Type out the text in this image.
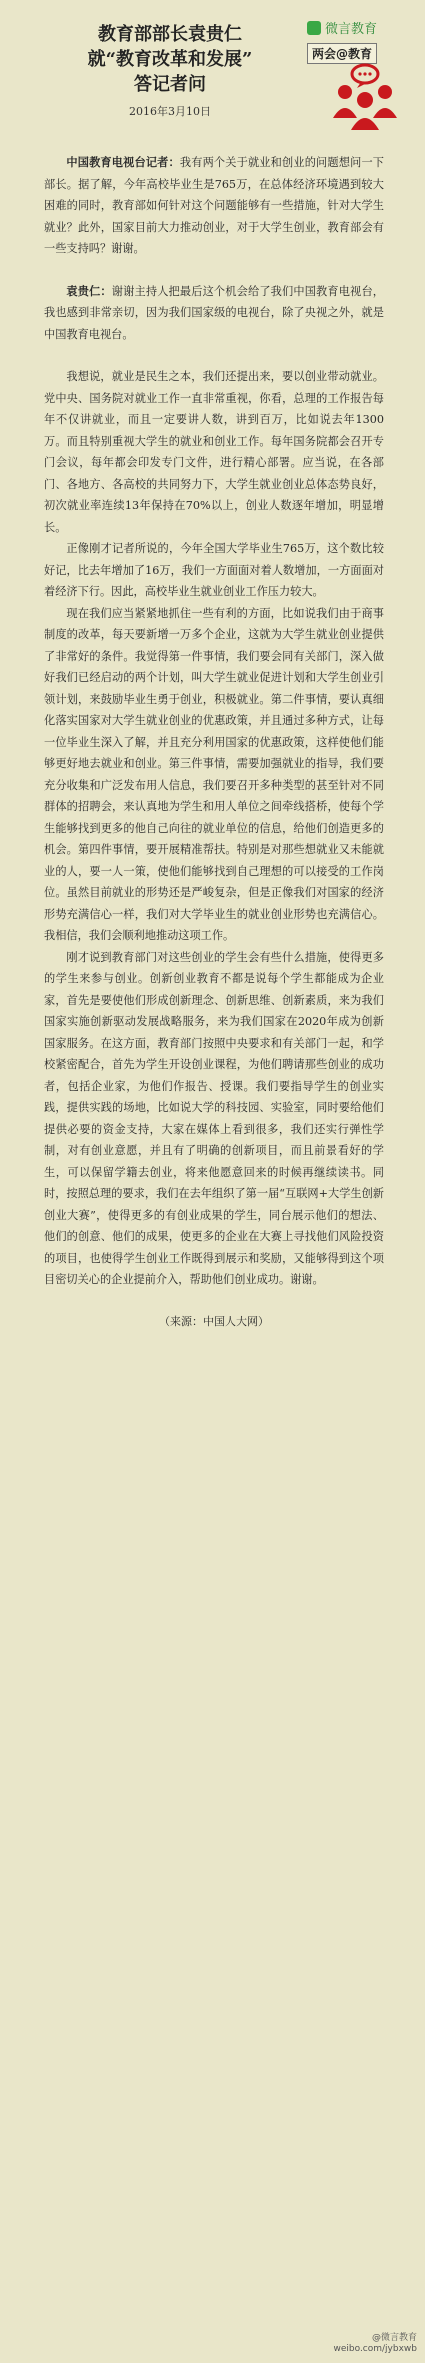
教育部部长袁贵仁
就“教育改革和发展”
答记者问
2016年3月10日
微言教育
两会@教育

中国教育电视台记者：我有两个关于就业和创业的问题想问一下部长。据了解，今年高校毕业生是765万，在总体经济环境遇到较大困难的同时，教育部如何针对这个问题能够有一些措施，针对大学生就业？此外，国家目前大力推动创业，对于大学生创业，教育部会有一些支持吗？谢谢。

袁贵仁：谢谢主持人把最后这个机会给了我们中国教育电视台，我也感到非常亲切，因为我们国家级的电视台，除了央视之外，就是中国教育电视台。

我想说，就业是民生之本，我们还提出来，要以创业带动就业。党中央、国务院对就业工作一直非常重视，你看，总理的工作报告每年不仅讲就业，而且一定要讲人数，讲到百万，比如说去年1300万。而且特别重视大学生的就业和创业工作。每年国务院都会召开专门会议，每年都会印发专门文件，进行精心部署。应当说，在各部门、各地方、各高校的共同努力下，大学生就业创业总体态势良好，初次就业率连续13年保持在70%以上，创业人数逐年增加，明显增长。

正像刚才记者所说的，今年全国大学毕业生765万，这个数比较好记，比去年增加了16万，我们一方面面对着人数增加，一方面面对着经济下行。因此，高校毕业生就业创业工作压力较大。

现在我们应当紧紧地抓住一些有利的方面，比如说我们由于商事制度的改革，每天要新增一万多个企业，这就为大学生就业创业提供了非常好的条件。我觉得第一件事情，我们要会同有关部门，深入做好我们已经启动的两个计划，叫大学生就业促进计划和大学生创业引领计划，来鼓励毕业生勇于创业，积极就业。第二件事情，要认真细化落实国家对大学生就业创业的优惠政策，并且通过多种方式，让每一位毕业生深入了解，并且充分利用国家的优惠政策，这样使他们能够更好地去就业和创业。第三件事情，需要加强就业的指导，我们要充分收集和广泛发布用人信息，我们要召开多种类型的甚至针对不同群体的招聘会，来认真地为学生和用人单位之间牵线搭桥，使每个学生能够找到更多的他自己向往的就业单位的信息，给他们创造更多的机会。第四件事情，要开展精准帮扶。特别是对那些想就业又未能就业的人，要一人一策，使他们能够找到自己理想的可以接受的工作岗位。虽然目前就业的形势还是严峻复杂，但是正像我们对国家的经济形势充满信心一样，我们对大学毕业生的就业创业形势也充满信心。我相信，我们会顺利地推动这项工作。

刚才说到教育部门对这些创业的学生会有些什么措施，使得更多的学生来参与创业。创新创业教育不都是说每个学生都能成为企业家，首先是要使他们形成创新理念、创新思维、创新素质，来为我们国家实施创新驱动发展战略服务，来为我们国家在2020年成为创新国家服务。在这方面，教育部门按照中央要求和有关部门一起，和学校紧密配合，首先为学生开设创业课程，为他们聘请那些创业的成功者，包括企业家，为他们作报告、授课。我们要指导学生的创业实践，提供实践的场地，比如说大学的科技园、实验室，同时要给他们提供必要的资金支持，大家在媒体上看到很多，我们还实行弹性学制，对有创业意愿，并且有了明确的创新项目，而且前景看好的学生，可以保留学籍去创业，将来他愿意回来的时候再继续读书。同时，按照总理的要求，我们在去年组织了第一届“互联网+大学生创新创业大赛”，使得更多的有创业成果的学生，同台展示他们的想法、他们的创意、他们的成果，使更多的企业在大赛上寻找他们风险投资的项目，也使得学生创业工作既得到展示和奖励，又能够得到这个项目密切关心的企业提前介入，帮助他们创业成功。谢谢。

（来源：中国人大网）
@微言教育
weibo.com/jybxwb
